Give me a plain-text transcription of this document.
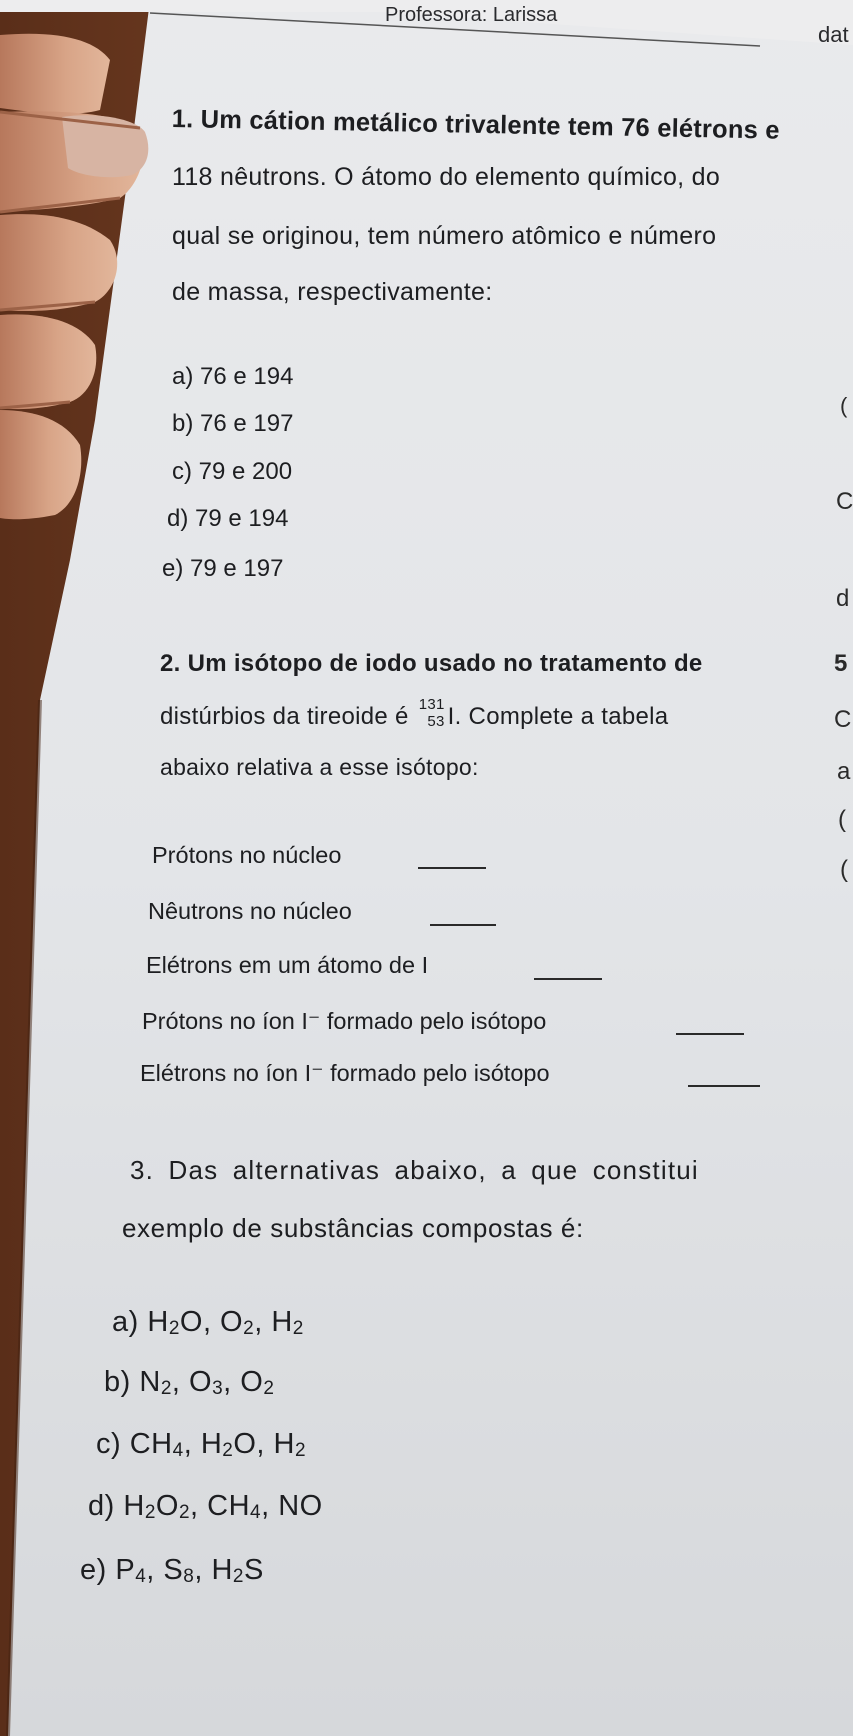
Professora: Larissa
dat
1. Um cátion metálico trivalente tem 76 elétrons e
118 nêutrons. O átomo do elemento químico, do
qual se originou, tem número atômico e número
de massa, respectivamente:
a) 76 e 194
b) 76 e 197
c) 79 e 200
d) 79 e 194
e) 79 e 197
2. Um isótopo de iodo usado no tratamento de
distúrbios da tireoide é 131
53 I. Complete a tabela
abaixo relativa a esse isótopo:
Prótons no núcleo
Nêutrons no núcleo
Elétrons em um átomo de I
Prótons no íon I⁻ formado pelo isótopo
Elétrons no íon I⁻ formado pelo isótopo
3. Das alternativas abaixo, a que constitui
exemplo de substâncias compostas é:
a) $H_2O$, $O_2$, $H_2$
b) $N_2$, $O_3$, $O_2$
c) $CH_4$, $H_2O$, $H_2$
d) $H_2O_2$, $CH_4$, NO
e) $P_4$, $S_8$, $H_2S$
(
C
d
5
C
a
(
(
